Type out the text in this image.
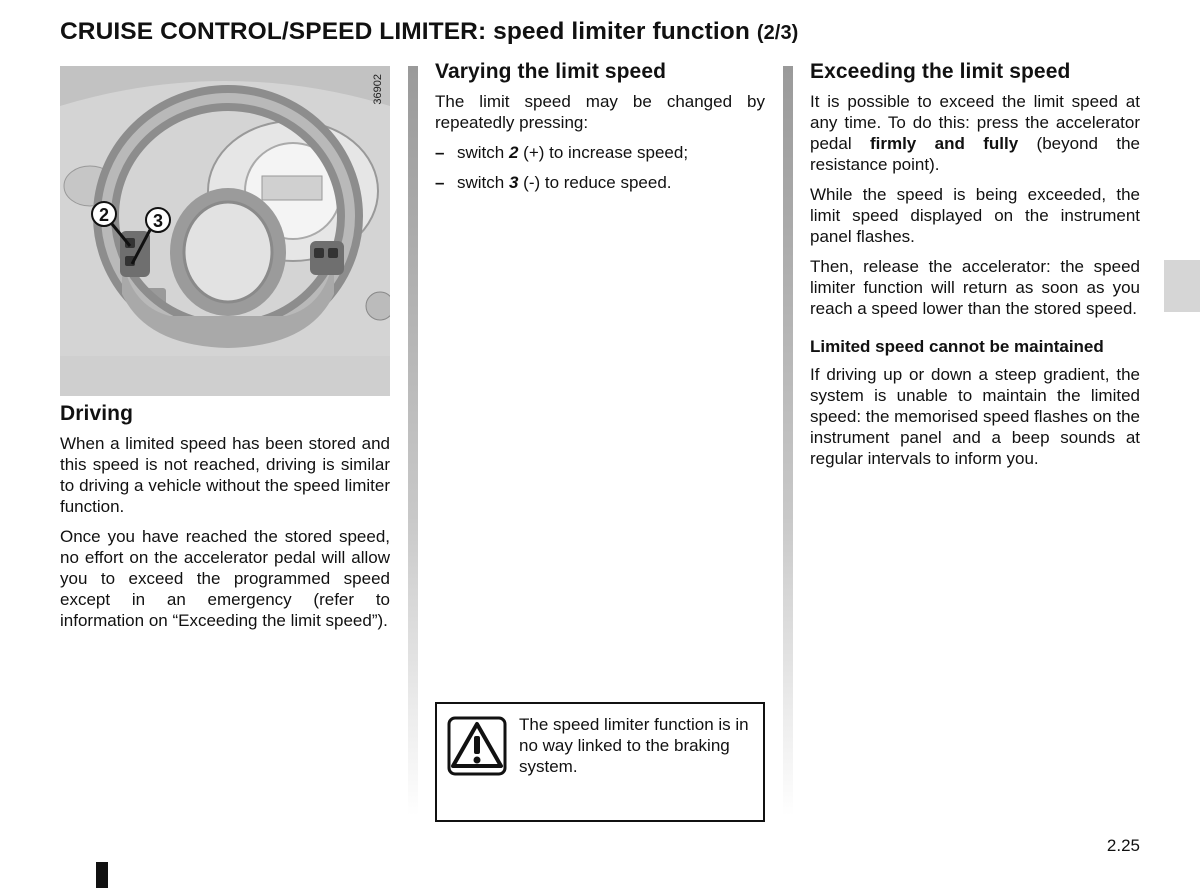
CRUISE CONTROL/SPEED LIMITER: speed limiter function (2/3)
2 3
36902
Driving

When a limited speed has been stored and this speed is not reached, driving is similar to driving a vehicle without the speed limiter function.

Once you have reached the stored speed, no effort on the accelerator pedal will allow you to exceed the programmed speed except in an emergency (refer to information on “Exceeding the limit speed”).

Varying the limit speed

The limit speed may be changed by repeatedly pressing:

– switch 2 (+) to increase speed;
– switch 3 (-) to reduce speed.

The speed limiter function is in no way linked to the braking system.

Exceeding the limit speed

It is possible to exceed the limit speed at any time. To do this: press the accelerator pedal firmly and fully (beyond the resistance point).

While the speed is being exceeded, the limit speed displayed on the instrument panel flashes.

Then, release the accelerator: the speed limiter function will return as soon as you reach a speed lower than the stored speed.

Limited speed cannot be maintained

If driving up or down a steep gradient, the system is unable to maintain the limited speed: the memorised speed flashes on the instrument panel and a beep sounds at regular intervals to inform you.

2.25
